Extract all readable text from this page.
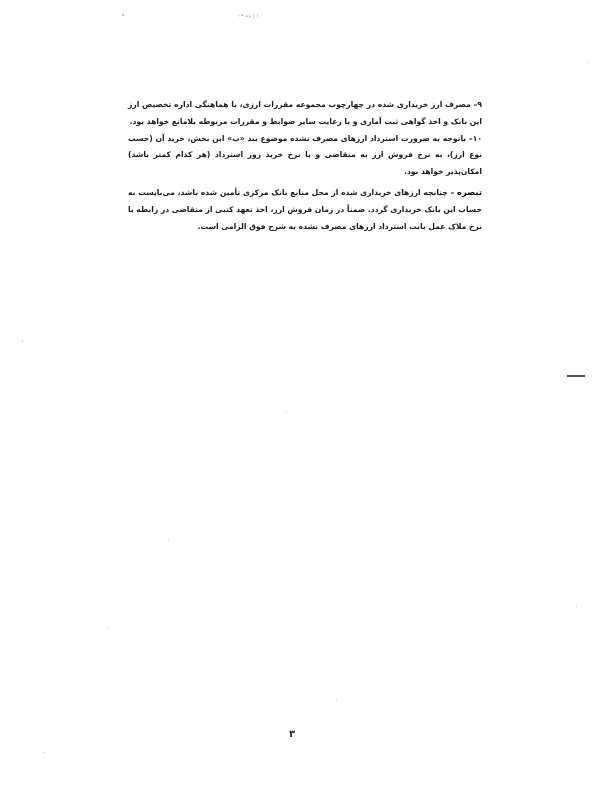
؛ * •» ) !

۹– مصرف ارز خریداری شده در چهارچوب مجموعه مقررات ارزی، با هماهنگی اداره تخصیص ارز این بانک و اخذ گواهی ثبت آماری و با رعایت سایر ضوابط و مقررات مربوطه بلامانع خواهد بود.

۱۰– باتوجه به ضرورت استرداد ارزهای مصرف نشده موضوع بند «ب» این بخش، خرید آن (حسب نوع ارز)، به نرخ فروش ارز به متقاضی و یا نرخ خرید روز استرداد (هر کدام کمتر باشد) امکان‌پذیر خواهد بود.

تبصره – چنانچه ارزهای خریداری شده از محل منابع بانک مرکزی تأمین شده باشد، می‌بایست به حساب این بانک خریداری گردد. ضمناً در زمان فروش ارز، اخذ تعهد کتبی از متقاضی در رابطه با نرخ ملاک عمل بابت استرداد ارزهای مصرف نشده به شرح فوق الزامی است.

۳
